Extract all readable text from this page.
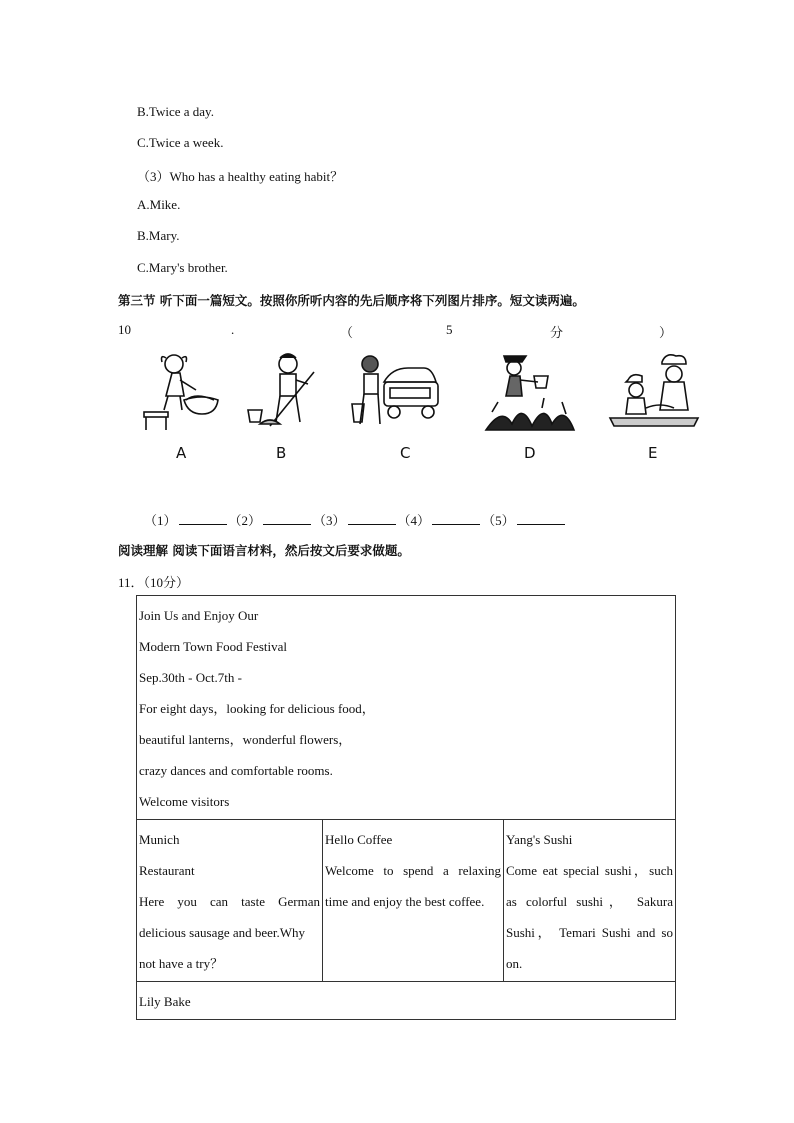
B.Twice a day.
C.Twice a week.
（3）Who has a healthy eating habit？
A.Mike.
B.Mary.
C.Mary's brother.
第三节 听下面一篇短文。按照你所听内容的先后顺序将下列图片排序。短文读两遍。
10	.	（	5	分	）
A	B	C	D	E
（1）	（2）	（3）	（4）	（5）
阅读理解 阅读下面语言材料，然后按文后要求做题。
11．（10分）
Join Us and Enjoy Our
Modern Town Food Festival
Sep.30th - Oct.7th -
For eight days，looking for delicious food，
beautiful lanterns，wonderful flowers，
crazy dances and comfortable rooms.
Welcome visitors

Munich
Restaurant
Here you can taste German
delicious sausage and beer.Why
not have a try？

Hello Coffee
Welcome to spend a relaxing
time and enjoy the best coffee.

Yang's Sushi
Come eat special sushi，such
as colorful sushi， Sakura
Sushi， Temari Sushi and so
on.

Lily Bake
